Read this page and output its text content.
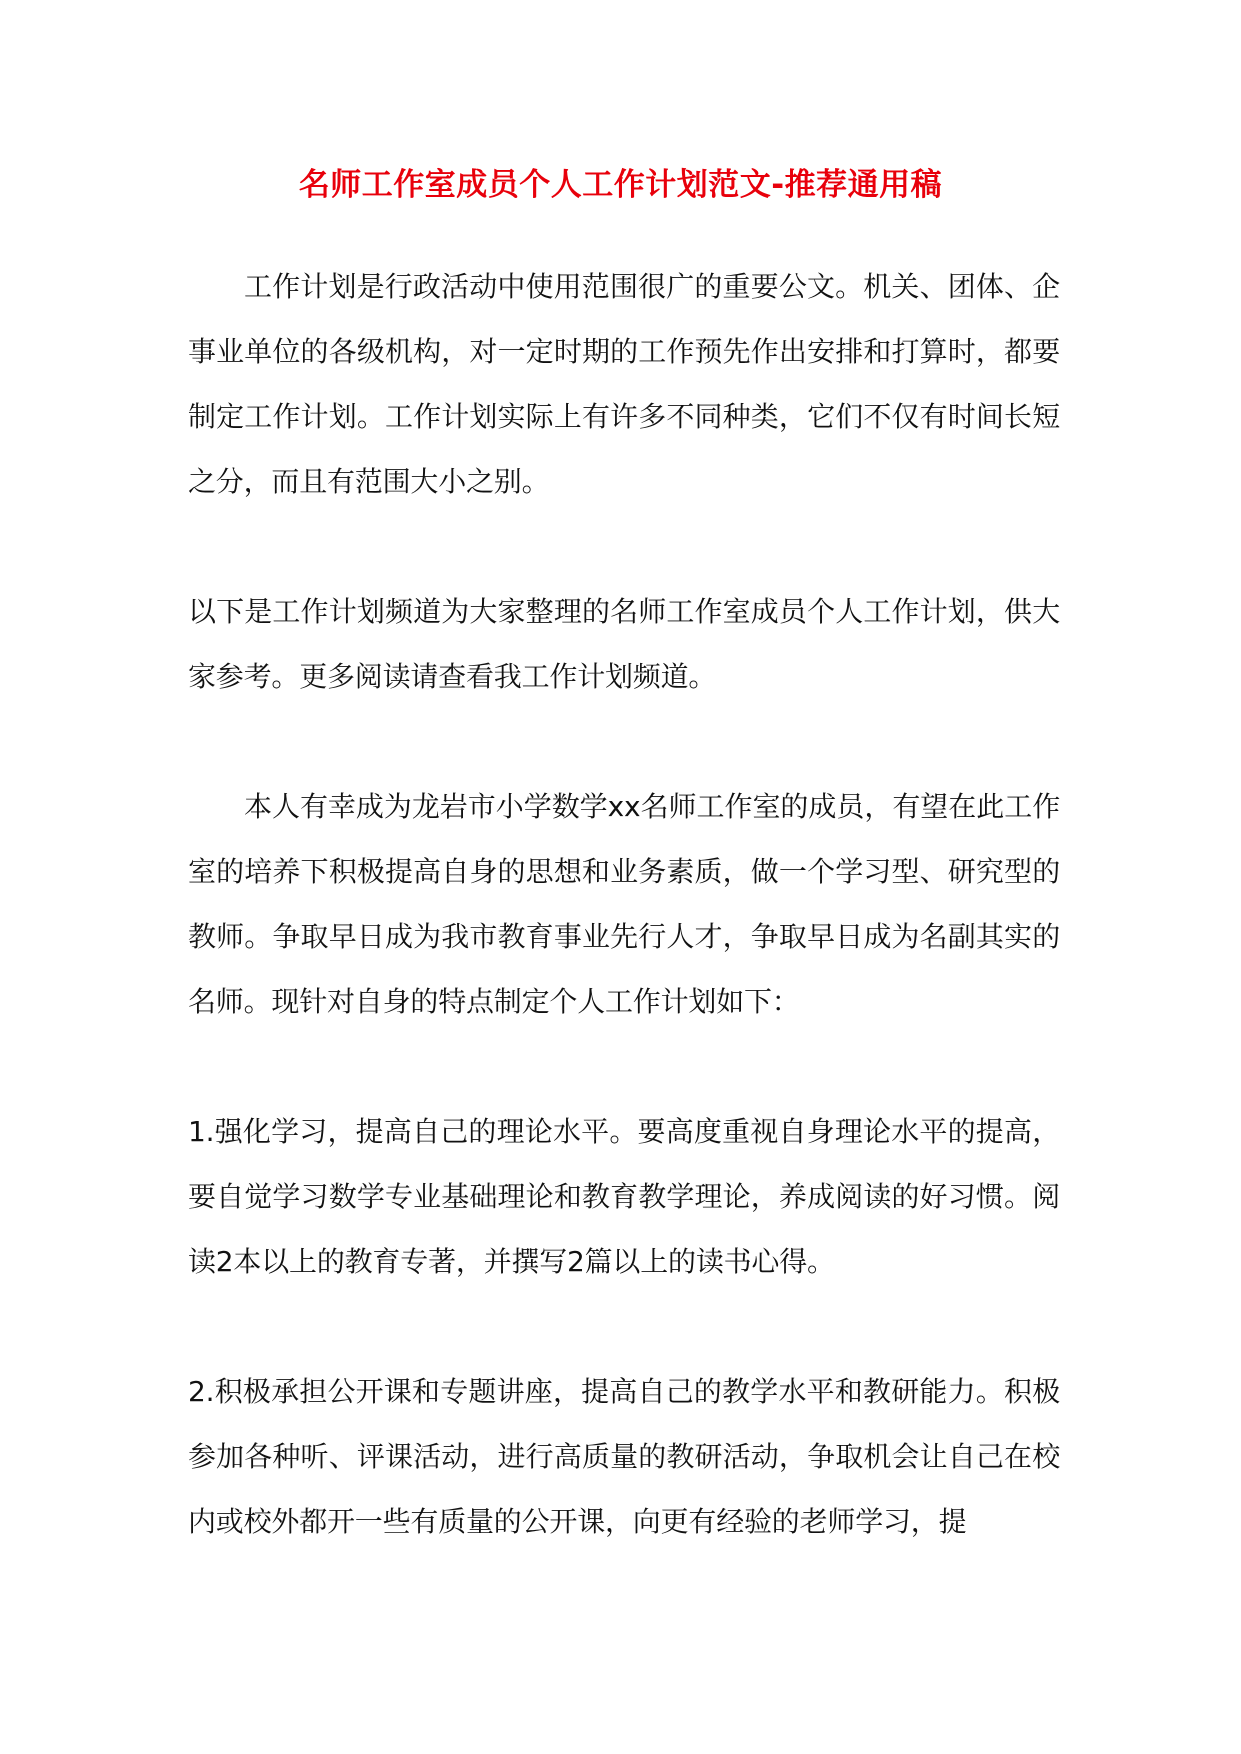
名师工作室成员个人工作计划范文-推荐通用稿

工作计划是行政活动中使用范围很广的重要公文。机关、团体、企事业单位的各级机构，对一定时期的工作预先作出安排和打算时，都要制定工作计划。工作计划实际上有许多不同种类，它们不仅有时间长短之分，而且有范围大小之别。

以下是工作计划频道为大家整理的名师工作室成员个人工作计划，供大家参考。更多阅读请查看我工作计划频道。

本人有幸成为龙岩市小学数学xx名师工作室的成员，有望在此工作室的培养下积极提高自身的思想和业务素质，做一个学习型、研究型的教师。争取早日成为我市教育事业先行人才，争取早日成为名副其实的名师。现针对自身的特点制定个人工作计划如下：

1.强化学习，提高自己的理论水平。要高度重视自身理论水平的提高，要自觉学习数学专业基础理论和教育教学理论，养成阅读的好习惯。阅读2本以上的教育专著，并撰写2篇以上的读书心得。

2.积极承担公开课和专题讲座，提高自己的教学水平和教研能力。积极参加各种听、评课活动，进行高质量的教研活动，争取机会让自己在校内或校外都开一些有质量的公开课，向更有经验的老师学习，提
